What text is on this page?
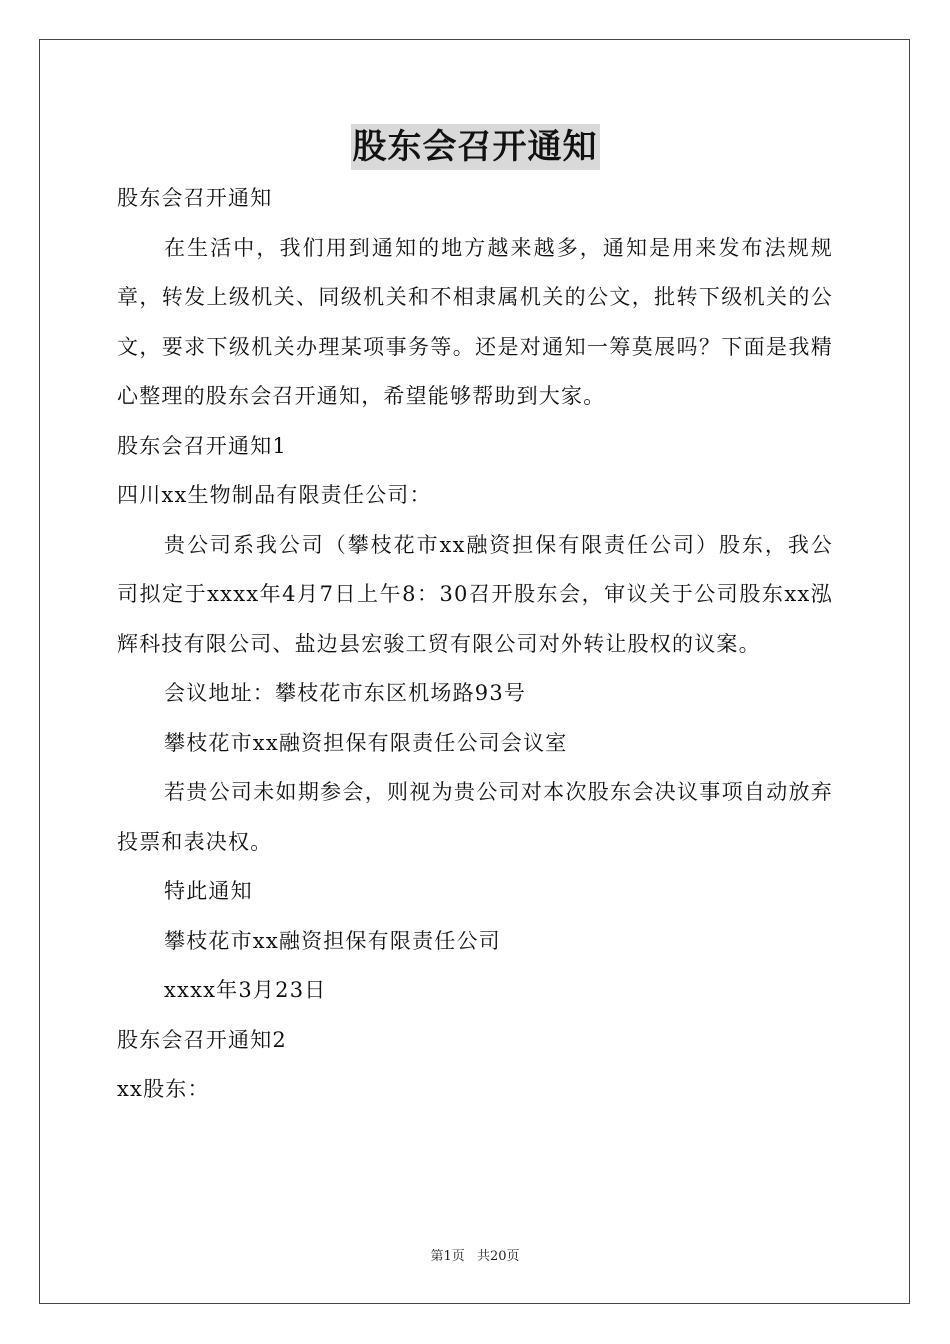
股东会召开通知

股东会召开通知

在生活中，我们用到通知的地方越来越多，通知是用来发布法规规章，转发上级机关、同级机关和不相隶属机关的公文，批转下级机关的公文，要求下级机关办理某项事务等。还是对通知一筹莫展吗？下面是我精心整理的股东会召开通知，希望能够帮助到大家。

股东会召开通知1

四川xx生物制品有限责任公司：

贵公司系我公司（攀枝花市xx融资担保有限责任公司）股东，我公司拟定于xxxx年4月7日上午8：30召开股东会，审议关于公司股东xx泓辉科技有限公司、盐边县宏骏工贸有限公司对外转让股权的议案。

会议地址：攀枝花市东区机场路93号

攀枝花市xx融资担保有限责任公司会议室

若贵公司未如期参会，则视为贵公司对本次股东会决议事项自动放弃投票和表决权。

特此通知

攀枝花市xx融资担保有限责任公司

xxxx年3月23日

股东会召开通知2

xx股东：

第1页 共20页
